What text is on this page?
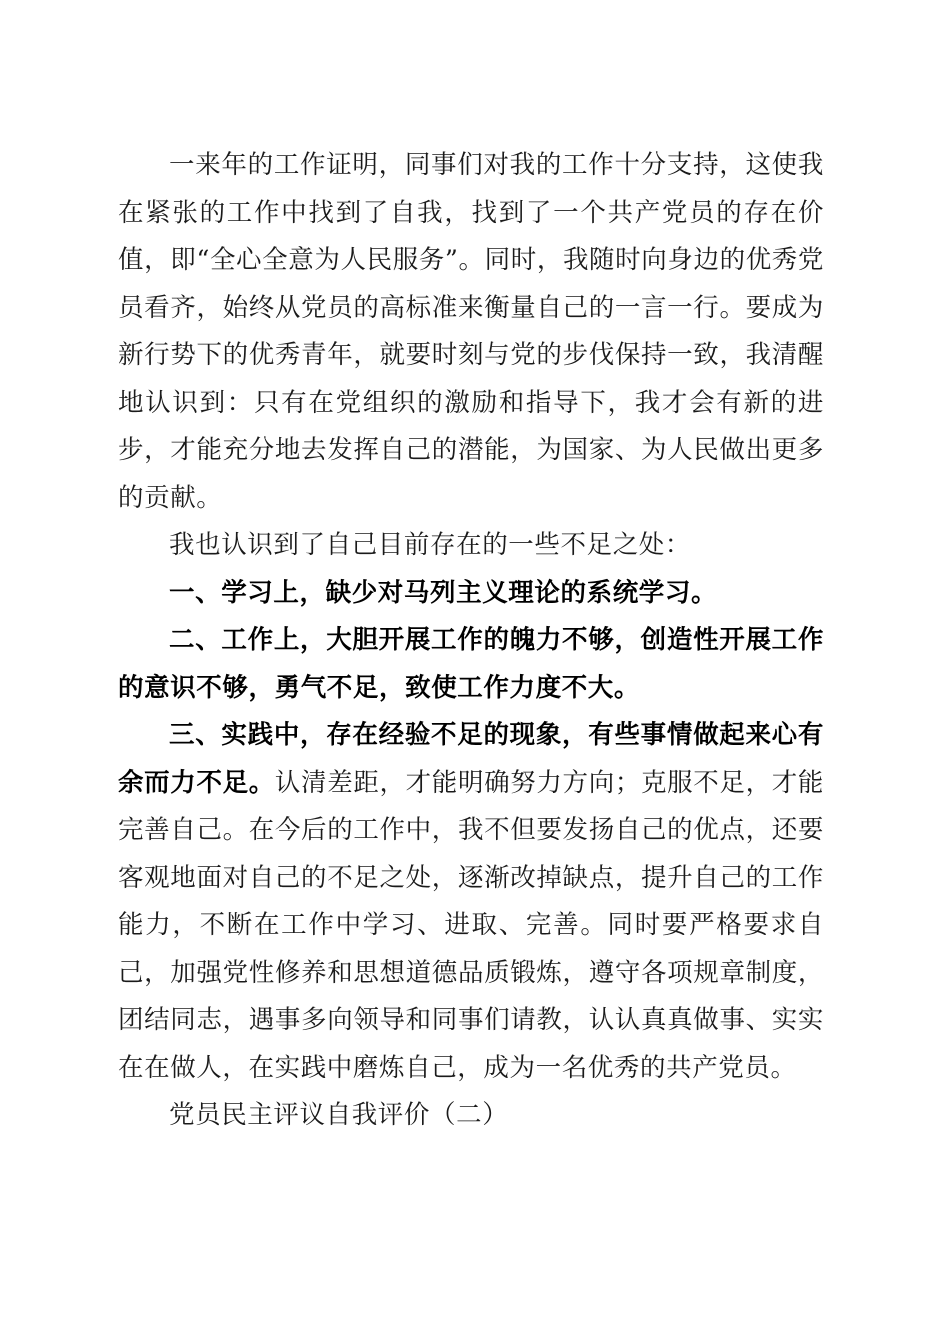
一来年的工作证明，同事们对我的工作十分支持，这使我在紧张的工作中找到了自我，找到了一个共产党员的存在价值，即“全心全意为人民服务”。同时，我随时向身边的优秀党员看齐，始终从党员的高标准来衡量自己的一言一行。要成为新行势下的优秀青年，就要时刻与党的步伐保持一致，我清醒地认识到：只有在党组织的激励和指导下，我才会有新的进步，才能充分地去发挥自己的潜能，为国家、为人民做出更多的贡献。

我也认识到了自己目前存在的一些不足之处：

一、学习上，缺少对马列主义理论的系统学习。

二、工作上，大胆开展工作的魄力不够，创造性开展工作的意识不够，勇气不足，致使工作力度不大。

三、实践中，存在经验不足的现象，有些事情做起来心有余而力不足。认清差距，才能明确努力方向；克服不足，才能完善自己。在今后的工作中，我不但要发扬自己的优点，还要客观地面对自己的不足之处，逐渐改掉缺点，提升自己的工作能力，不断在工作中学习、进取、完善。同时要严格要求自己，加强党性修养和思想道德品质锻炼，遵守各项规章制度，团结同志，遇事多向领导和同事们请教，认认真真做事、实实在在做人，在实践中磨炼自己，成为一名优秀的共产党员。

党员民主评议自我评价（二）
